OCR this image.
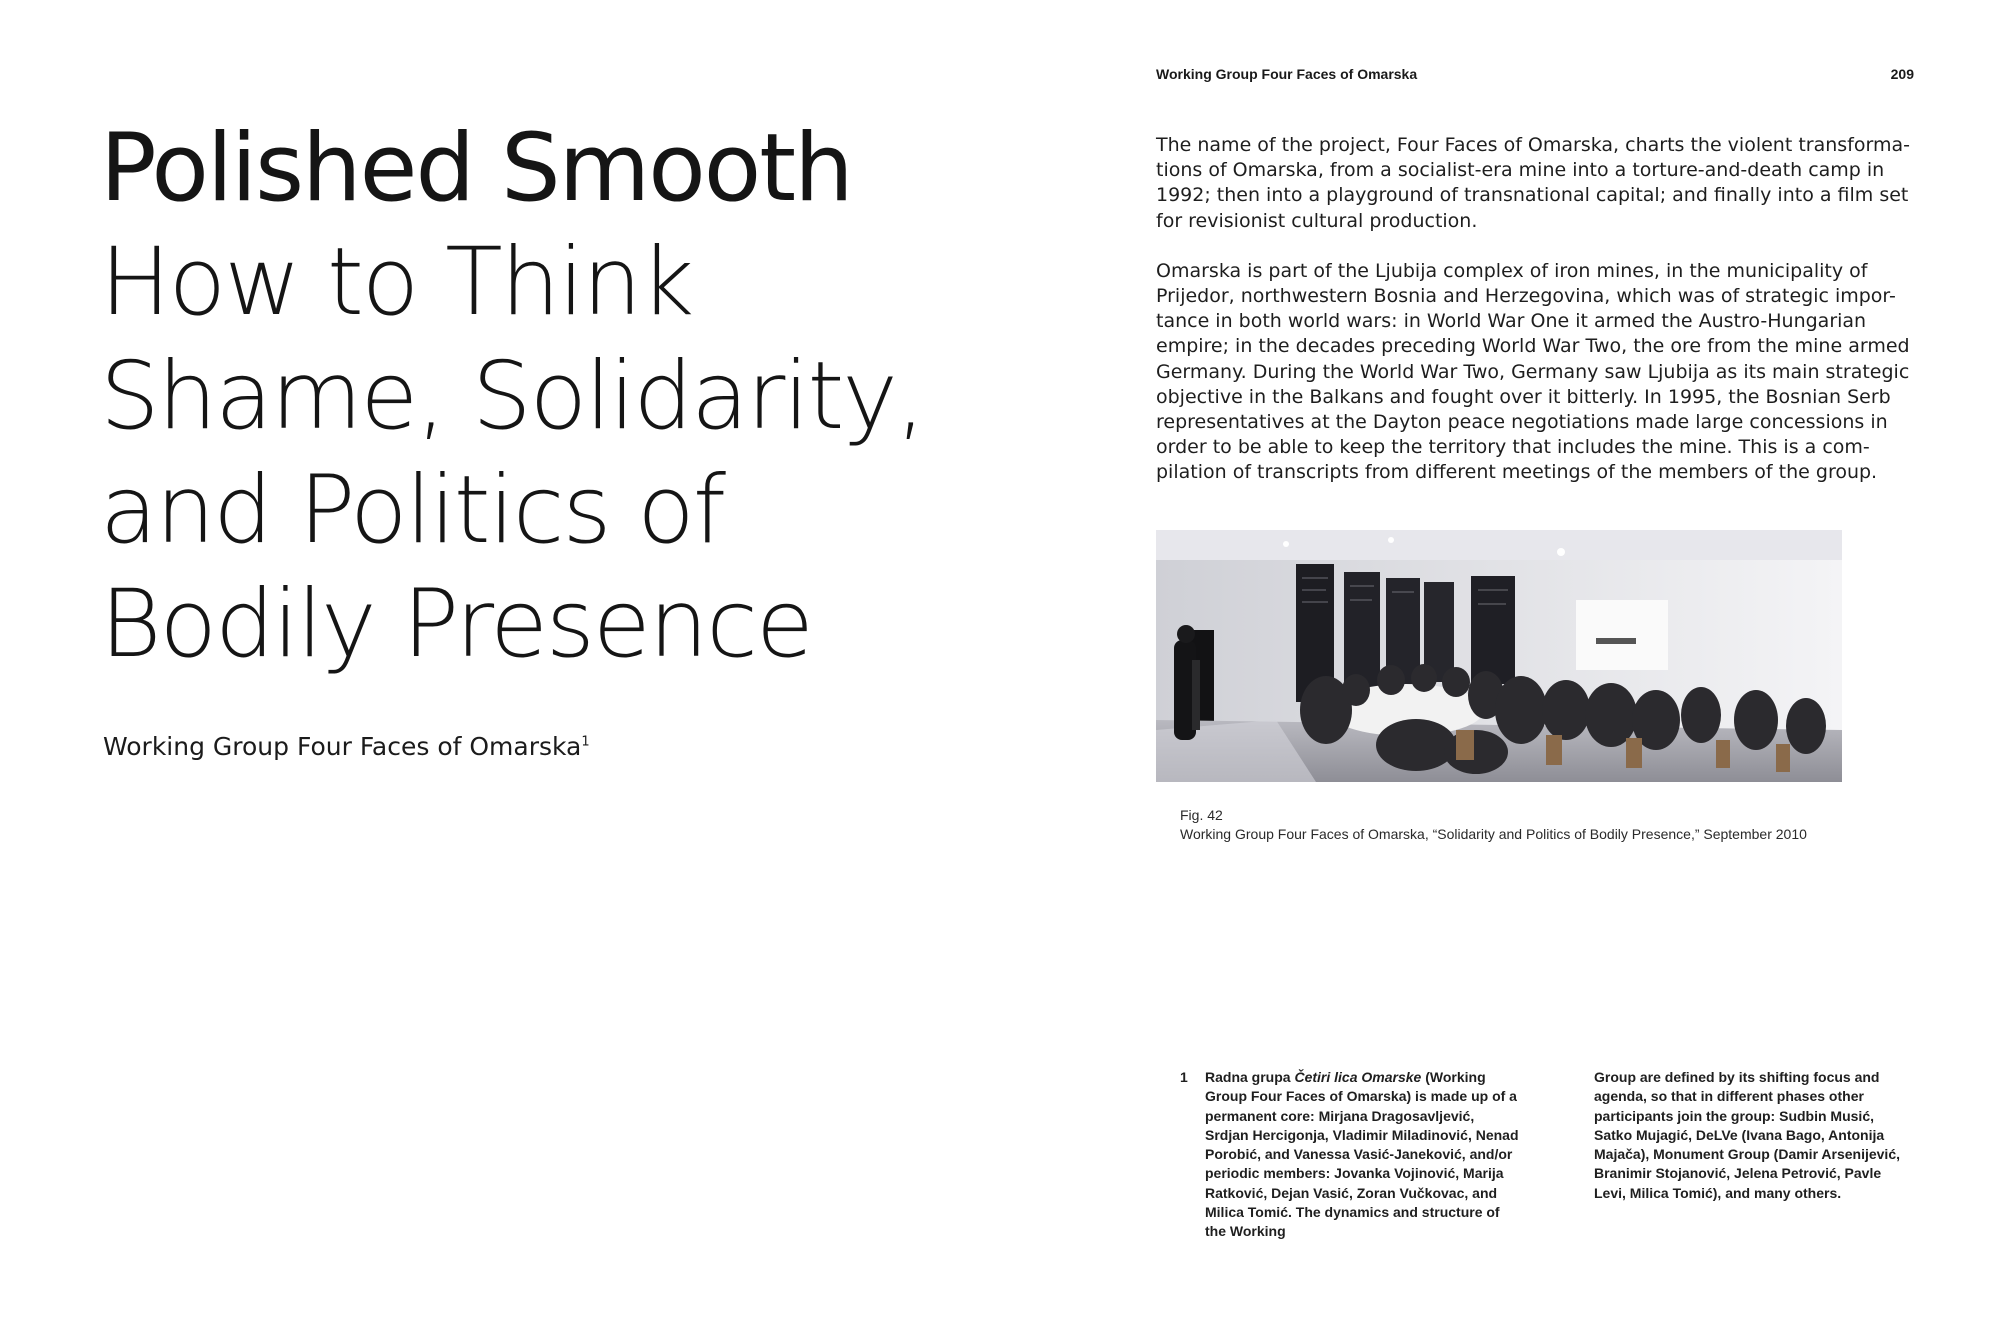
Polished Smooth
How to Think
Shame, Solidarity,
and Politics of
Bodily Presence
Working Group Four Faces of Omarska$^1$
Working Group Four Faces of Omarska	209

The name of the project, Four Faces of Omarska, charts the violent transforma-tions of Omarska, from a socialist-era mine into a torture-and-death camp in 1992; then into a playground of transnational capital; and finally into a film set for revisionist cultural production.

Omarska is part of the Ljubija complex of iron mines, in the municipality of Prijedor, northwestern Bosnia and Herzegovina, which was of strategic impor-tance in both world wars: in World War One it armed the Austro-Hungarian empire; in the decades preceding World War Two, the ore from the mine armed Germany. During the World War Two, Germany saw Ljubija as its main strategic objective in the Balkans and fought over it bitterly. In 1995, the Bosnian Serb representatives at the Dayton peace negotiations made large concessions in order to be able to keep the territory that includes the mine. This is a com-pilation of transcripts from different meetings of the members of the group.

Fig. 42
Working Group Four Faces of Omarska, “Solidarity and Politics of Bodily Presence,” September 2010
1 Radna grupa Četiri lica Omarske (Working Group Four Faces of Omarska) is made up of a permanent core: Mirjana Dragosavljević, Srdjan Hercigonja, Vladimir Miladinović, Nenad Porobić, and Vanessa Vasić-Janeković, and/or periodic members: Jovanka Vojinović, Marija Ratković, Dejan Vasić, Zoran Vučkovac, and Milica Tomić. The dynamics and structure of the Working
Group are defined by its shifting focus and agenda, so that in different phases other participants join the group: Sudbin Musić, Satko Mujagić, DeLVe (Ivana Bago, Antonija Majača), Monument Group (Damir Arsenijević, Branimir Stojanović, Jelena Petrović, Pavle Levi, Milica Tomić), and many others.
